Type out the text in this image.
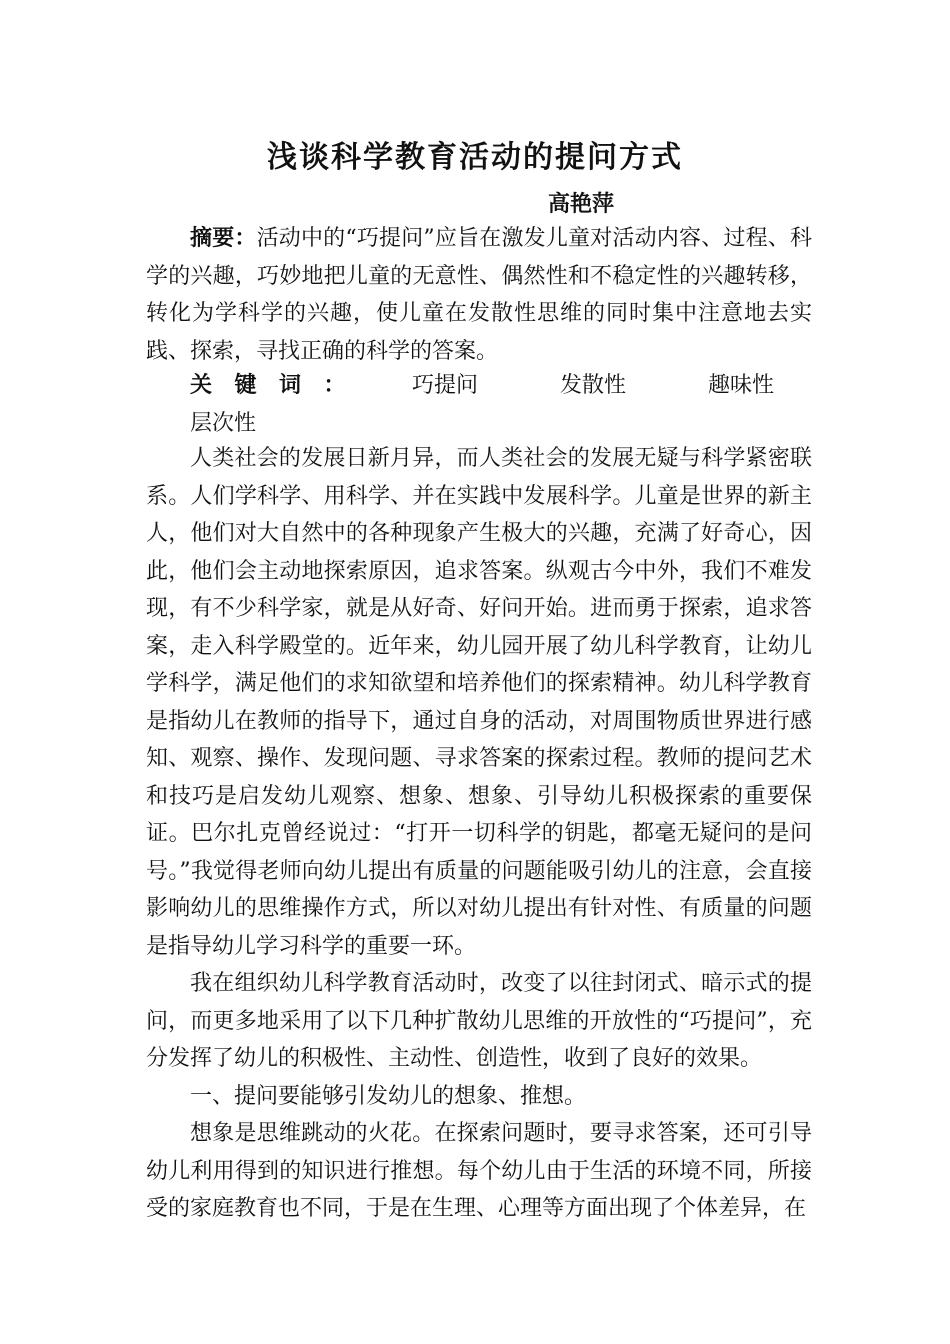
浅谈科学教育活动的提问方式
高艳萍

摘要：活动中的“巧提问”应旨在激发儿童对活动内容、过程、科学的兴趣，巧妙地把儿童的无意性、偶然性和不稳定性的兴趣转移，转化为学科学的兴趣，使儿童在发散性思维的同时集中注意地去实践、探索，寻找正确的科学的答案。

关键词： 巧提问	发散性	趣味性层次性

人类社会的发展日新月异，而人类社会的发展无疑与科学紧密联系。人们学科学、用科学、并在实践中发展科学。儿童是世界的新主人，他们对大自然中的各种现象产生极大的兴趣，充满了好奇心，因此，他们会主动地探索原因，追求答案。纵观古今中外，我们不难发现，有不少科学家，就是从好奇、好问开始。进而勇于探索，追求答案，走入科学殿堂的。近年来，幼儿园开展了幼儿科学教育，让幼儿学科学，满足他们的求知欲望和培养他们的探索精神。幼儿科学教育是指幼儿在教师的指导下，通过自身的活动，对周围物质世界进行感知、观察、操作、发现问题、寻求答案的探索过程。教师的提问艺术和技巧是启发幼儿观察、想象、想象、引导幼儿积极探索的重要保证。巴尔扎克曾经说过：“打开一切科学的钥匙，都毫无疑问的是问号。”我觉得老师向幼儿提出有质量的问题能吸引幼儿的注意，会直接影响幼儿的思维操作方式，所以对幼儿提出有针对性、有质量的问题是指导幼儿学习科学的重要一环。

我在组织幼儿科学教育活动时，改变了以往封闭式、暗示式的提问，而更多地采用了以下几种扩散幼儿思维的开放性的“巧提问”，充分发挥了幼儿的积极性、主动性、创造性，收到了良好的效果。

一、提问要能够引发幼儿的想象、推想。

想象是思维跳动的火花。在探索问题时，要寻求答案，还可引导幼儿利用得到的知识进行推想。每个幼儿由于生活的环境不同，所接受的家庭教育也不同，于是在生理、心理等方面出现了个体差异，在
